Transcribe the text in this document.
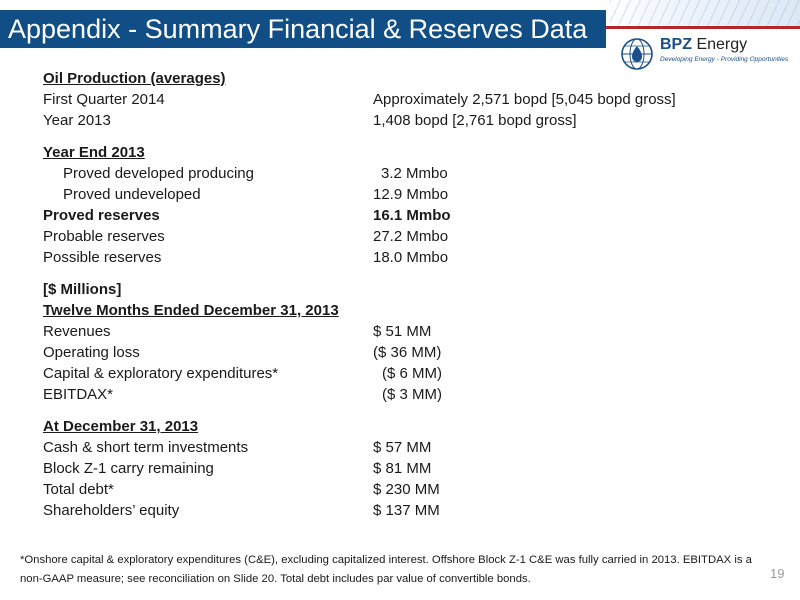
Appendix - Summary Financial & Reserves Data
BPZ Energy
Developing Energy - Providing Opportunities
Oil Production (averages)
First Quarter 2014	Approximately 2,571 bopd [5,045 bopd gross]
Year 2013	1,408 bopd [2,761 bopd gross]
Year End 2013
Proved developed producing	3.2 Mmbo
Proved undeveloped	12.9 Mmbo
Proved reserves	16.1 Mmbo
Probable reserves	27.2 Mmbo
Possible reserves	18.0 Mmbo
[$ Millions]
Twelve Months Ended December 31, 2013
Revenues	$ 51 MM
Operating loss	($ 36 MM)
Capital & exploratory expenditures*	($ 6 MM)
EBITDAX*	($ 3 MM)
At December 31, 2013
Cash & short term investments	$ 57 MM
Block Z-1 carry remaining	$ 81 MM
Total debt*	$ 230 MM
Shareholders’ equity	$ 137 MM
*Onshore capital & exploratory expenditures (C&E), excluding capitalized interest. Offshore Block Z-1 C&E was fully carried in 2013. EBITDAX is a non-GAAP measure; see reconciliation on Slide 20. Total debt includes par value of convertible bonds.	19
